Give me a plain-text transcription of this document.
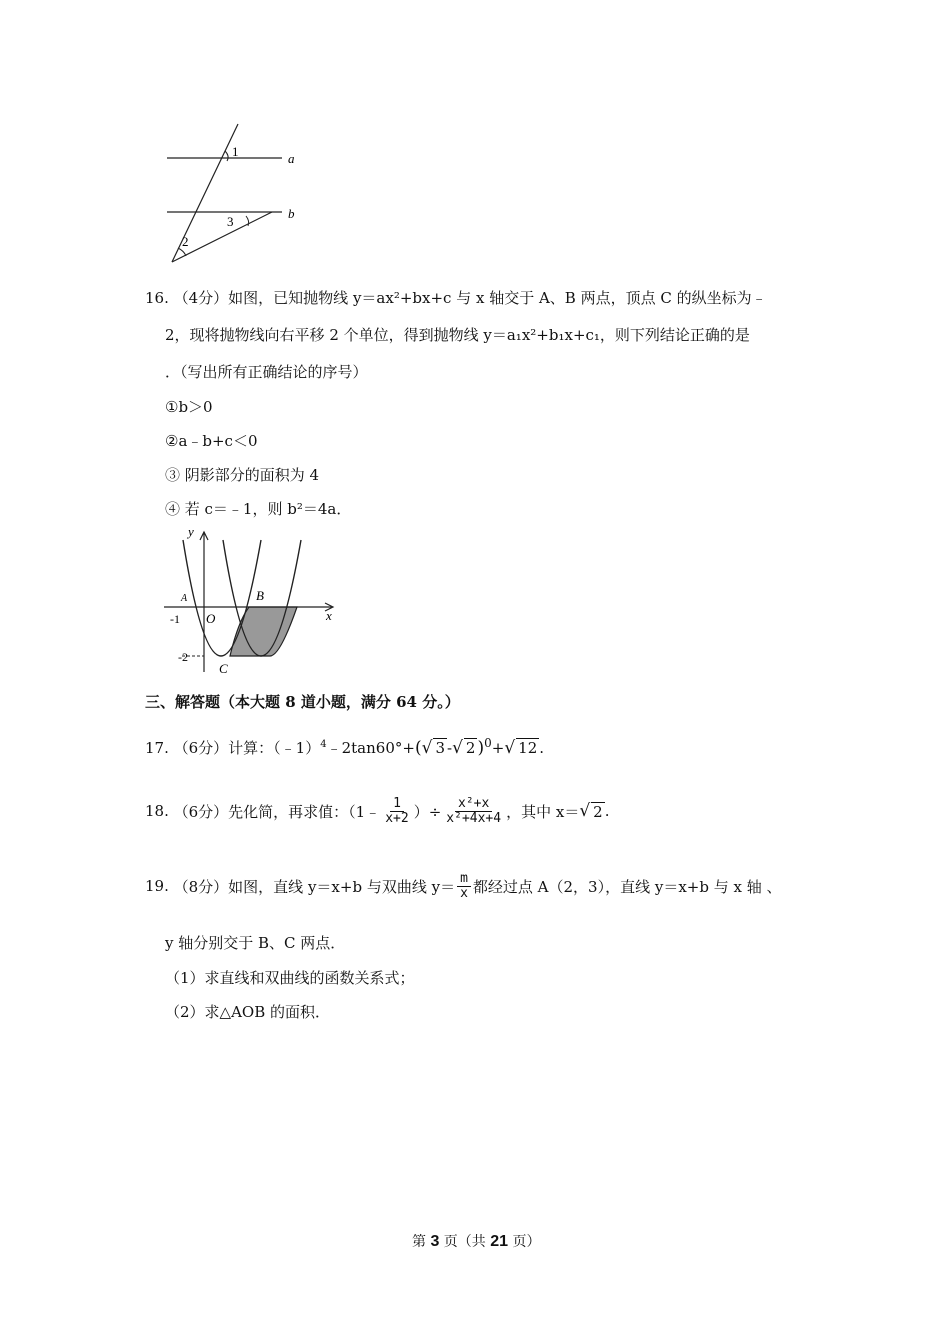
1
2
3
a
b
16. （4分）如图，已知抛物线 y＝ax²+bx+c 与 x 轴交于 A、B 两点，顶点 C 的纵坐标为﹣
2，现将抛物线向右平移 2 个单位，得到抛物线 y＝a₁x²+b₁x+c₁，则下列结论正确的是
．（写出所有正确结论的序号）
①b＞0
②a﹣b+c＜0
③ 阴影部分的面积为 4
④ 若 c＝﹣1，则 b²＝4a．
y
x
A	B
O
C
-1
-2
三、解答题（本大题 8 道小题，满分 64 分。）
17. （6分）计算：（﹣1）$^4$﹣2tan60°+(√ 3 -√ 2 )$^0$+√ 12 .
18.
（6分）先化简，再求值：（1﹣ $\frac{1}{x+2}$ ）÷ $\frac{\text{x²+x}}{\text{x²+4x+4}}$ ，其中 x＝ √ 2 .
19.
（8分）如图，直线 y＝x+b 与双曲线 $y= \frac{m}{x}$ 都经过点 A（2，3），直线 y＝x+b 与 x 轴 、
y 轴分别交于 B、C 两点．
（1）求直线和双曲线的函数关系式；
（2）求△AOB 的面积．
第 3 页（共 21 页）
